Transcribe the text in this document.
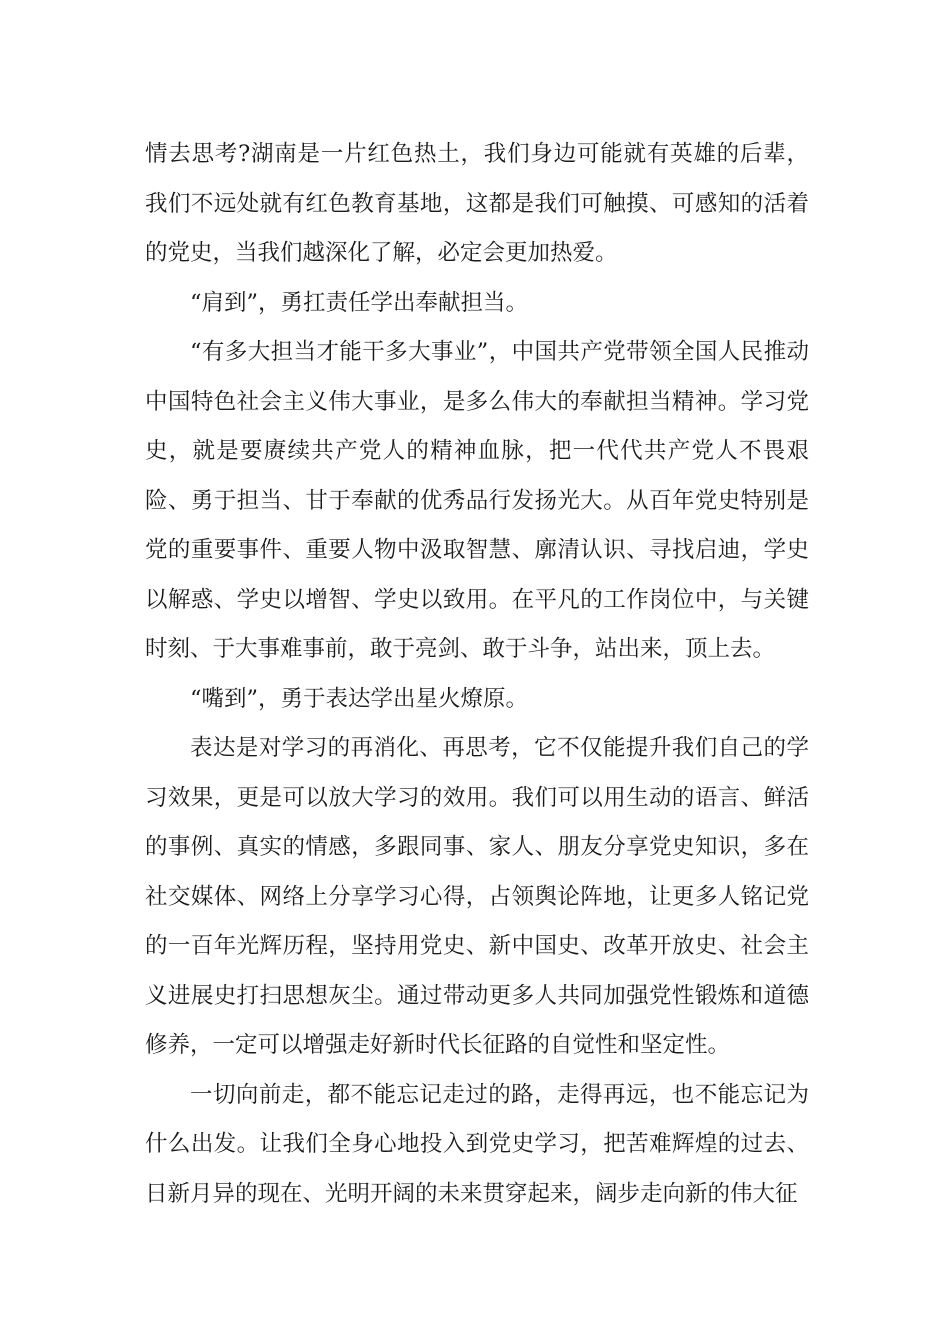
情去思考?湖南是一片红色热土，我们身边可能就有英雄的后辈，我们不远处就有红色教育基地，这都是我们可触摸、可感知的活着的党史，当我们越深化了解，必定会更加热爱。

“肩到”，勇扛责任学出奉献担当。

“有多大担当才能干多大事业”，中国共产党带领全国人民推动中国特色社会主义伟大事业，是多么伟大的奉献担当精神。学习党史，就是要赓续共产党人的精神血脉，把一代代共产党人不畏艰险、勇于担当、甘于奉献的优秀品行发扬光大。从百年党史特别是党的重要事件、重要人物中汲取智慧、廓清认识、寻找启迪，学史以解惑、学史以增智、学史以致用。在平凡的工作岗位中，与关键时刻、于大事难事前，敢于亮剑、敢于斗争，站出来，顶上去。

“嘴到”，勇于表达学出星火燎原。

表达是对学习的再消化、再思考，它不仅能提升我们自己的学习效果，更是可以放大学习的效用。我们可以用生动的语言、鲜活的事例、真实的情感，多跟同事、家人、朋友分享党史知识，多在社交媒体、网络上分享学习心得，占领舆论阵地，让更多人铭记党的一百年光辉历程，坚持用党史、新中国史、改革开放史、社会主义进展史打扫思想灰尘。通过带动更多人共同加强党性锻炼和道德修养，一定可以增强走好新时代长征路的自觉性和坚定性。

一切向前走，都不能忘记走过的路，走得再远，也不能忘记为什么出发。让我们全身心地投入到党史学习，把苦难辉煌的过去、日新月异的现在、光明开阔的未来贯穿起来，阔步走向新的伟大征
